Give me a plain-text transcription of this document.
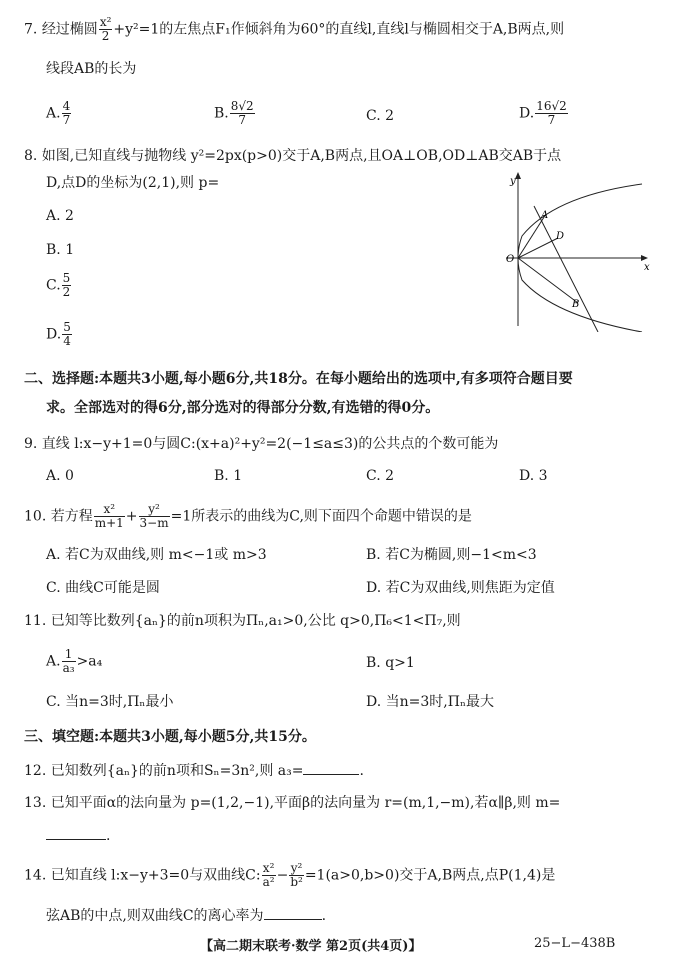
7. 经过椭圆 $\frac{\text{x²}}{2} +y^2=1$的左焦点F₁作倾斜角为60°的直线l,直线l与椭圆相交于A,B两点,则
线段AB的长为
A. $\frac{4}{7}$	B. $\frac{8√2}{7}$	C. 2	D. $\frac{16√2}{7}$
8. 如图,已知直线与抛物线 y²=2px(p>0)交于A,B两点,且OA⊥OB,OD⊥AB交AB于点
D,点D的坐标为(2,1),则 p=
A. 2
B. 1
C. $\frac{5}{2}$
D. $\frac{5}{4}$
y
x
O
A
D
B
二、选择题:本题共3小题,每小题6分,共18分。在每小题给出的选项中,有多项符合题目要
求。全部选对的得6分,部分选对的得部分分数,有选错的得0分。
9. 直线 l:x−y+1=0与圆C:(x+a)²+y²=2(−1≤a≤3)的公共点的个数可能为
A. 0	B. 1	C. 2	D. 3
10. 若方程 $\frac{\text{x²}}{m+1} + \frac{\text{y²}}{3-m} =1$所表示的曲线为C,则下面四个命题中错误的是
A. 若C为双曲线,则 m<−1或 m>3	B. 若C为椭圆,则−1<m<3
C. 曲线C可能是圆	D. 若C为双曲线,则焦距为定值
11. 已知等比数列{aₙ}的前n项积为Πₙ,a₁>0,公比 q>0,Π₆<1<Π₇,则
A. $\frac{1}{\text{a₃}} >a_4$	B. q>1
C. 当n=3时,Πₙ最小	D. 当n=3时,Πₙ最大
三、填空题:本题共3小题,每小题5分,共15分。
12. 已知数列{aₙ}的前n项和Sₙ=3n²,则 a₃=	.
13. 已知平面α的法向量为 p=(1,2,−1),平面β的法向量为 r=(m,1,−m),若α∥β,则 m=
.
14. 已知直线 l:x−y+3=0与双曲线C: $\frac{\text{x²}}{\text{a²}} - \frac{\text{y²}}{\text{b²}} =1(a>0,b>0)$交于A,B两点,点P(1,4)是
弦AB的中点,则双曲线C的离心率为	.
【高二期末联考·数学 第2页(共4页)】	25−L−438B
